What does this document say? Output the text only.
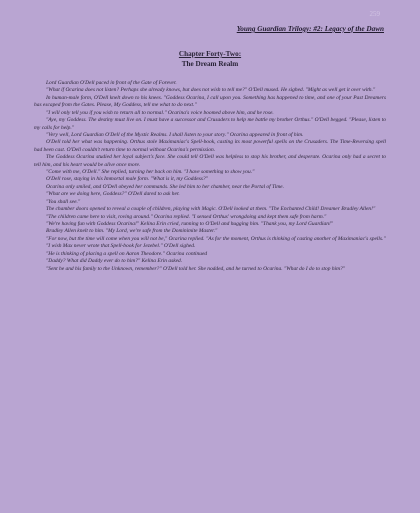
259
Young Guardian Trilogy: #2: Legacy of the Dawn
Chapter Forty-Two:
The Dream Realm

Lord Guardian O'Dell paced in front of the Gate of Forever.

"What if Ocarina does not listen? Perhaps she already knows, but does not wish to tell me?" O'Dell mused. He sighed. "Might as well get it over with."

In human-male form, O'Dell knelt down to his knees. "Goddess Ocarina, I call upon you. Something has happened to time, and one of your Past Dreamers has escaped from the Gates. Please, My Goddess, tell me what to do next."

"I will only tell you if you wish to return all to normal." Ocarina's voice boomed above him, and he rose.

"Aye, my Goddess. The destiny must live on. I must have a successor and Crusaders to help me battle my brother Orthus." O'Dell begged. "Please, listen to my calls for help."

"Very well, Lord Guardian O'Dell of the Mystic Realms. I shall listen to your story." Ocarina appeared in front of him.

O'Dell told her what was happening. Orthus stole Maximaniac's Spell-book, casting its most powerful spells on the Crusaders. The Time-Reversing spell had been cast. O'Dell couldn't return time to normal without Ocarina's permission.

The Goddess Ocarina studied her loyal subject's face. She could tell O'Dell was helpless to stop his brother, and desperate. Ocarina only had a secret to tell him, and his heart would be alive once more.

"Come with me, O'Dell." She replied, turning her back on him. "I have something to show you."

O'Dell rose, staying in his Immortal male form. "What is it, my Goddess?"

Ocarina only smiled, and O'Dell obeyed her commands. She led him to her chamber, near the Portal of Time.

"What are we doing here, Goddess?" O'Dell dared to ask her.

"You shall see."

The chamber doors opened to reveal a couple of children, playing with Magic. O'Dell looked at them. "The Enchanted Child! Dreamer Bradley Allen!"

"The children came here to visit, roving around." Ocarina replied. "I sensed Orthus' wrongdoing and kept them safe from harm."

"We're having fun with Goddess Ocarina!" Kelina Erin cried, running to O'Dell and hugging him. "Thank you, my Lord Guardian!"

Bradley Allen knelt to him. "My Lord, we're safe from the Dominimite Master."

"For now, but the time will come when you will not be," Ocarina replied. "As for the moment, Orthus is thinking of casting another of Maximaniac's spells."

"I wish Max never wrote that Spell-book for Jezebel." O'Dell sighed.

"He is thinking of placing a spell on Aaron Theodore." Ocarina continued

"Daddy? What did Daddy ever do to him?" Kelina Erin asked.

"Sent he and his family to the Unknown, remember?" O'Dell told her. She nodded, and he turned to Ocarina. "What do I do to stop him?"
